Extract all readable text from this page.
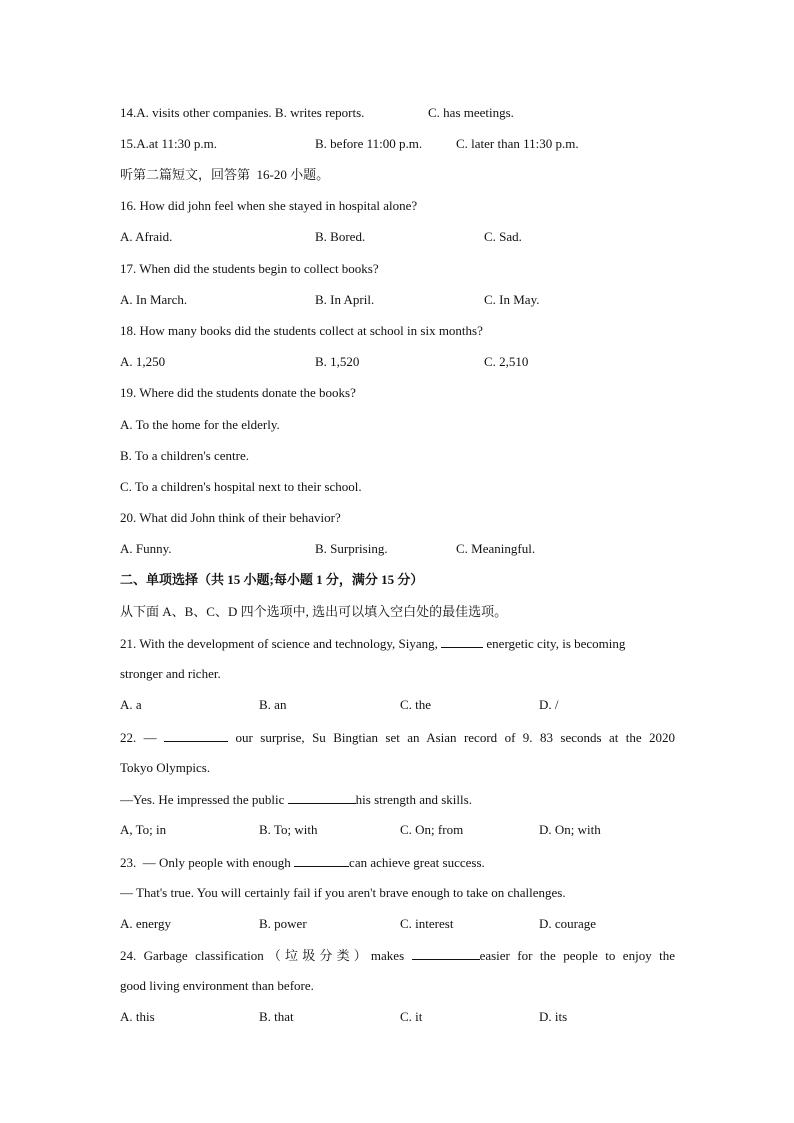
14.A. visits other companies. B. writes reports.	C. has meetings.
15.A.at 11:30 p.m.	B. before 11:00 p.m.	C. later than 11:30 p.m.
听第二篇短文，回答第  16-20 小题。
16. How did john feel when she stayed in hospital alone?
A. Afraid.	B. Bored.	C. Sad.
17. When did the students begin to collect books?
A. In March.	B. In April.	C. In May.
18. How many books did the students collect at school in six months?
A. 1,250	B. 1,520	C. 2,510
19. Where did the students donate the books?
A. To the home for the elderly.
B. To a children's centre.
C. To a children's hospital next to their school.
20. What did John think of their behavior?
A. Funny.	B. Surprising.	C. Meaningful.
二、单项选择（共 15 小题;每小题 1 分，满分 15 分）
从下面 A、B、C、D 四个选项中, 选出可以填入空白处的最佳选项。
21. With the development of science and technology, Siyang,	energetic city, is becoming
stronger and richer.
A. a	B. an	C. the	D. /
22. —	our surprise, Su Bingtian set an Asian record of 9. 83 seconds at the 2020
Tokyo Olympics.
—Yes. He impressed the public	his strength and skills.
A, To; in	B. To; with	C. On; from	D. On; with
23.  — Only people with enough	can achieve great success.
— That's true. You will certainly fail if you aren't brave enough to take on challenges.
A. energy	B. power	C. interest	D. courage
24. Garbage classification（垃圾分类）makes	easier for the people to enjoy the
good living environment than before.
A. this	B. that	C. it	D. its
